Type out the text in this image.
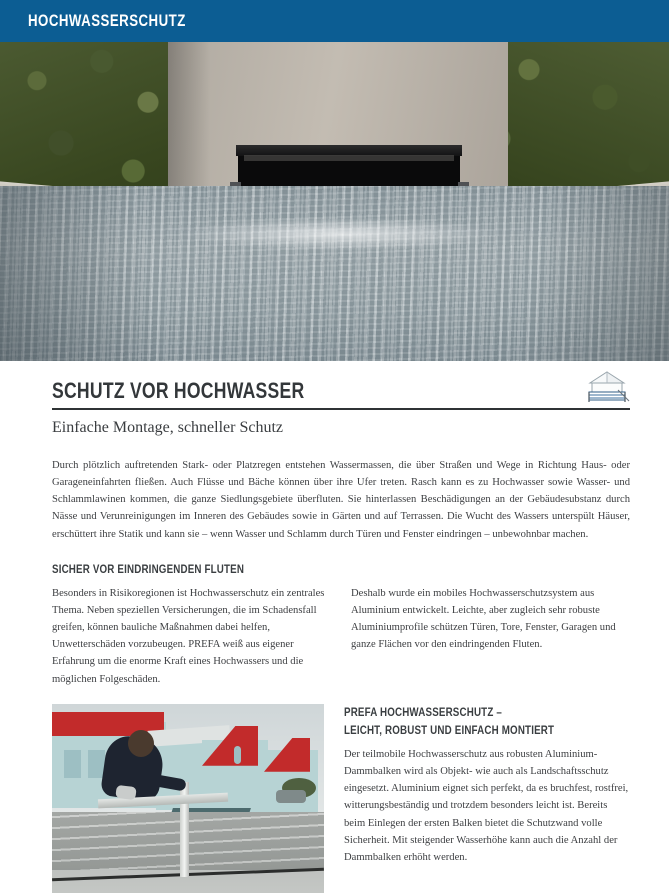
HOCHWASSERSCHUTZ
SCHUTZ VOR HOCHWASSER
Einfache Montage, schneller Schutz

Durch plötzlich auftretenden Stark- oder Platzregen entstehen Wassermassen, die über Straßen und Wege in Richtung Haus- oder Garageneinfahrten fließen. Auch Flüsse und Bäche können über ihre Ufer treten. Rasch kann es zu Hochwasser sowie Wasser- und Schlammlawinen kommen, die ganze Siedlungsgebiete überfluten. Sie hinterlassen Beschädigungen an der Gebäudesubstanz durch Nässe und Verunreinigungen im Inneren des Gebäudes sowie in Gärten und auf Terrassen. Die Wucht des Wassers unterspült Häuser, erschüttert ihre Statik und kann sie – wenn Wasser und Schlamm durch Türen und Fenster eindringen – unbewohnbar machen.

SICHER VOR EINDRINGENDEN FLUTEN
Besonders in Risikoregionen ist Hochwasserschutz ein zentrales Thema. Neben speziellen Versicherungen, die im Schadensfall greifen, können bauliche Maßnahmen dabei helfen, Unwetterschäden vorzubeugen. PREFA weiß aus eigener Erfahrung um die enorme Kraft eines Hochwassers und die möglichen Folgeschäden.
Deshalb wurde ein mobiles Hochwasserschutzsystem aus Aluminium entwickelt. Leichte, aber zugleich sehr robuste Aluminiumprofile schützen Türen, Tore, Fenster, Garagen und ganze Flächen vor den eindringenden Fluten.
PREFA HOCHWASSERSCHUTZ –
LEICHT, ROBUST UND EINFACH MONTIERT

Der teilmobile Hochwasserschutz aus robusten Aluminium-Dammbalken wird als Objekt- wie auch als Landschaftsschutz eingesetzt. Aluminium eignet sich perfekt, da es bruchfest, rostfrei, witterungsbeständig und trotzdem besonders leicht ist. Bereits beim Einlegen der ersten Balken bietet die Schutzwand volle Sicherheit. Mit steigender Wasserhöhe kann auch die Anzahl der Dammbalken erhöht werden.
